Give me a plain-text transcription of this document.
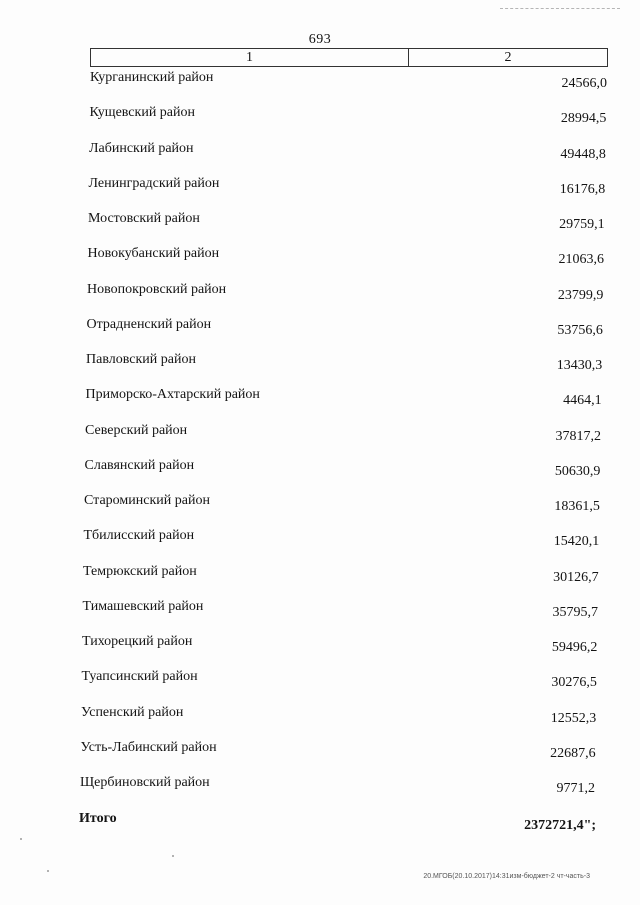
693
1	2
Курганинский район	24566,0
Кущевский район	28994,5
Лабинский район	49448,8
Ленинградский район	16176,8
Мостовский район	29759,1
Новокубанский район	21063,6
Новопокровский район	23799,9
Отрадненский район	53756,6
Павловский район	13430,3
Приморско-Ахтарский район	4464,1
Северский район	37817,2
Славянский район	50630,9
Староминский район	18361,5
Тбилисский район	15420,1
Темрюкский район	30126,7
Тимашевский район	35795,7
Тихорецкий район	59496,2
Туапсинский район	30276,5
Успенский район	12552,3
Усть-Лабинский район	22687,6
Щербиновский район	9771,2
Итого	2372721,4";
20.МГОБ(20.10.2017)14:31изм-бюджет-2 чт-часть-3
